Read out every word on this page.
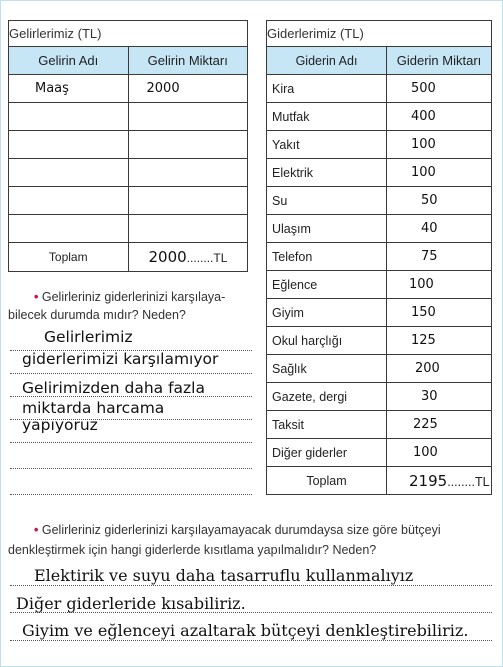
Gelirlerimiz (TL)	
Gelirin Adı	Gelirin Miktarı
Maaş	2000

Toplam	2000........TL
Giderlerimiz (TL)	
Giderin Adı	Giderin Miktarı
Kira	500
Mutfak	400
Yakıt	100
Elektrik	100
Su	50
Ulaşım	40
Telefon	75
Eğlence	100
Giyim	150
Okul harçlığı	125
Sağlık	200
Gazete, dergi	30
Taksit	225
Diğer giderler	100
Toplam	2195........TL
• Gelirleriniz giderlerinizi karşılaya-bilecek durumda mıdır? Neden?
Gelirlerimiz
giderlerimizi karşılamıyor
Gelirimizden daha fazla
miktarda harcama
yapıyoruz
• Gelirleriniz giderlerinizi karşılayamayacak durumdaysa size göre bütçeyi denkleştirmek için hangi giderlerde kısıtlama yapılmalıdır? Neden?
Elektirik ve suyu daha tasarruflu kullanmalıyız
Diğer giderleride kısabiliriz.
Giyim ve eğlenceyi azaltarak bütçeyi denkleştirebiliriz.
